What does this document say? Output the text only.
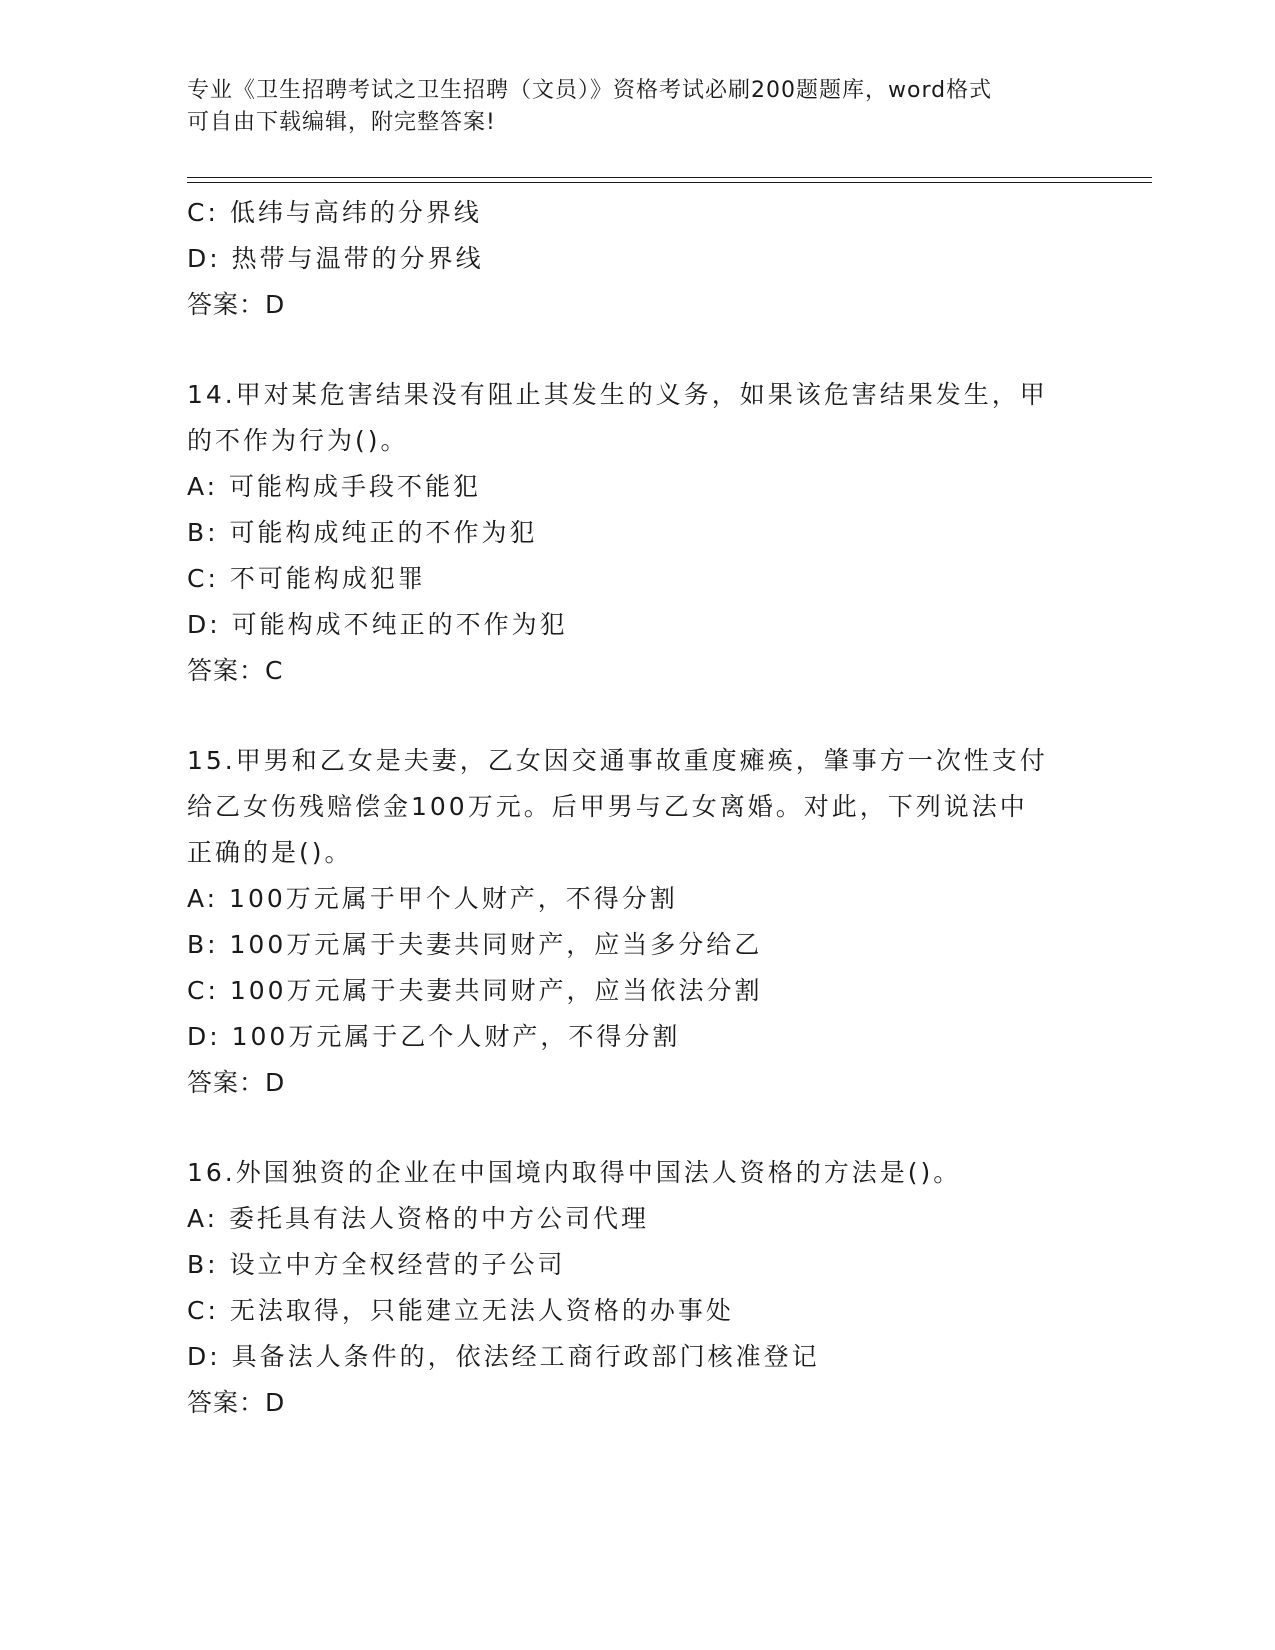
专业《卫生招聘考试之卫生招聘（文员）》资格考试必刷200题题库，word格式
可自由下载编辑，附完整答案!
C: 低纬与高纬的分界线
D: 热带与温带的分界线
答案：D
14.甲对某危害结果没有阻止其发生的义务，如果该危害结果发生，甲
的不作为行为()。
A: 可能构成手段不能犯
B: 可能构成纯正的不作为犯
C: 不可能构成犯罪
D: 可能构成不纯正的不作为犯
答案：C
15.甲男和乙女是夫妻，乙女因交通事故重度瘫痪，肇事方一次性支付
给乙女伤残赔偿金100万元。后甲男与乙女离婚。对此，下列说法中
正确的是()。
A: 100万元属于甲个人财产，不得分割
B: 100万元属于夫妻共同财产，应当多分给乙
C: 100万元属于夫妻共同财产，应当依法分割
D: 100万元属于乙个人财产，不得分割
答案：D
16.外国独资的企业在中国境内取得中国法人资格的方法是()。
A: 委托具有法人资格的中方公司代理
B: 设立中方全权经营的子公司
C: 无法取得，只能建立无法人资格的办事处
D: 具备法人条件的，依法经工商行政部门核准登记
答案：D
